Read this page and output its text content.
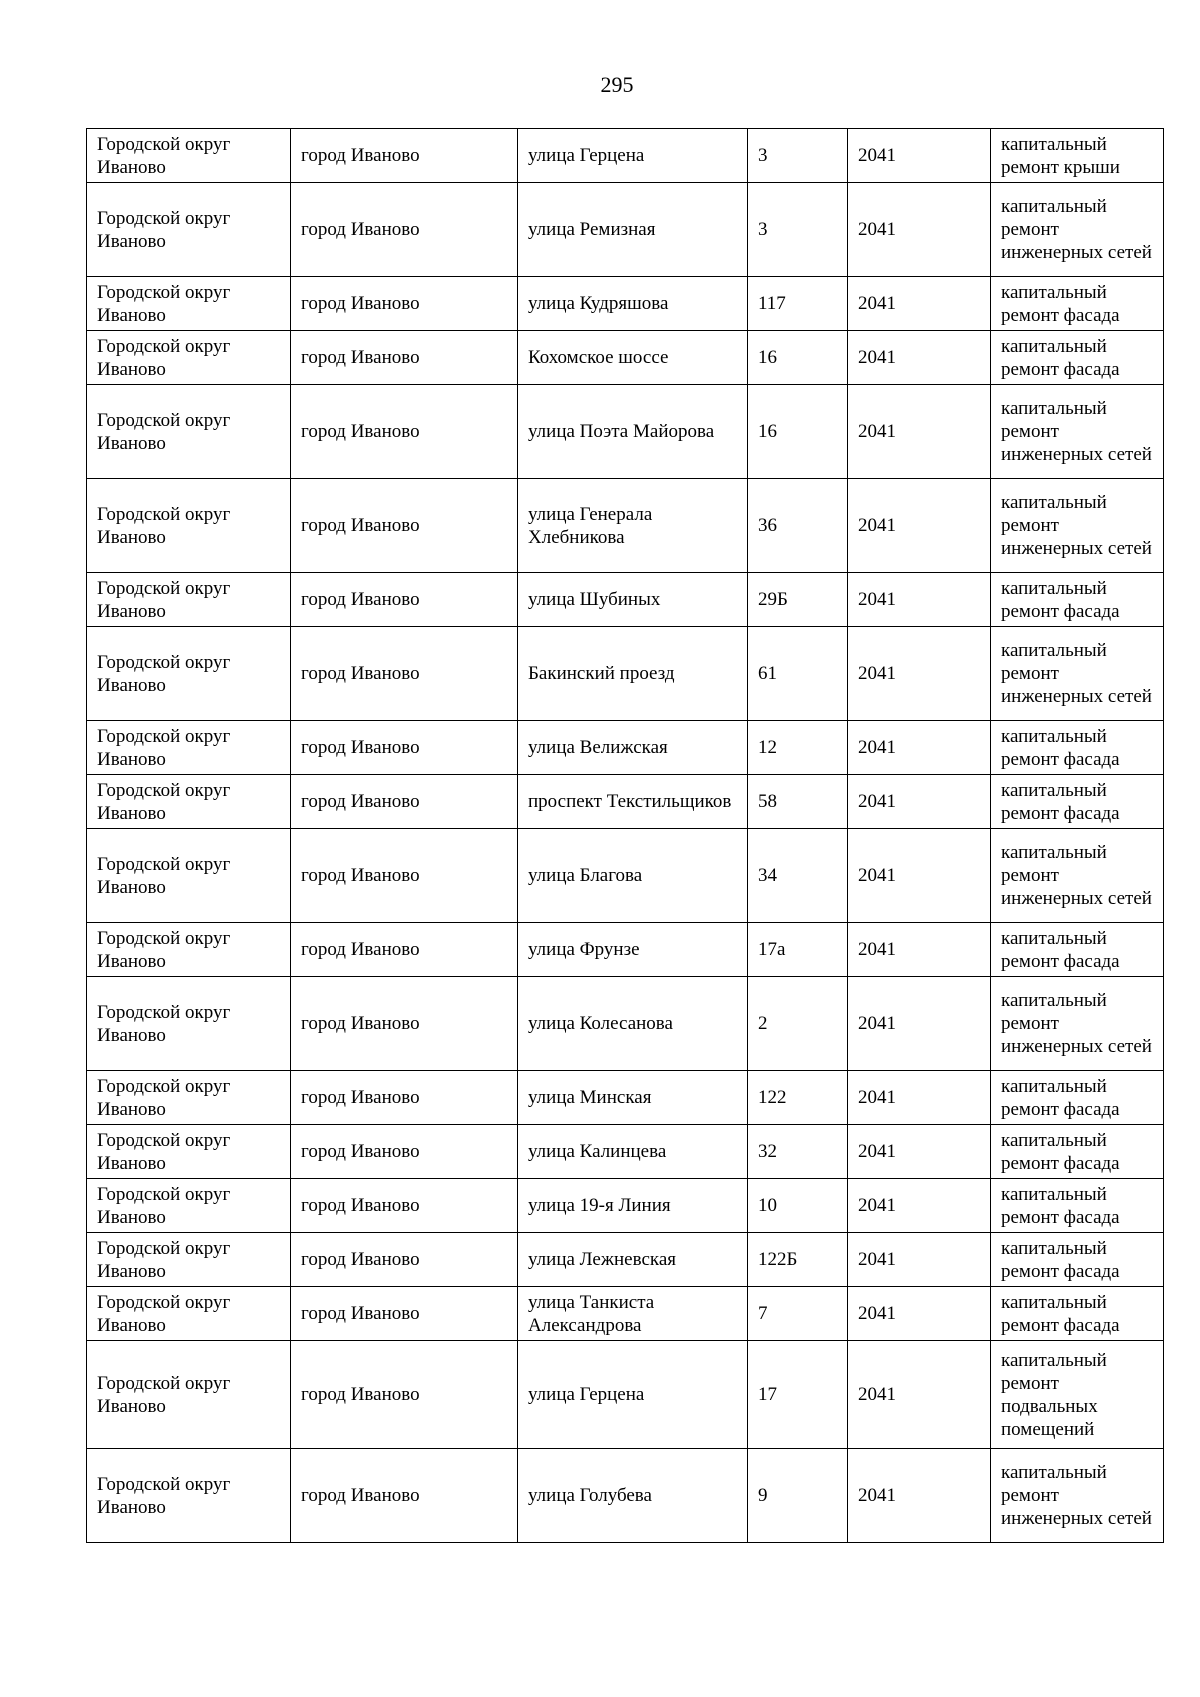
295
Городской округ Иваново	город Иваново	улица Герцена	3	2041	капитальный ремонт крыши
Городской округ Иваново	город Иваново	улица Ремизная	3	2041	капитальный ремонт инженерных сетей
Городской округ Иваново	город Иваново	улица Кудряшова	117	2041	капитальный ремонт фасада
Городской округ Иваново	город Иваново	Кохомское шоссе	16	2041	капитальный ремонт фасада
Городской округ Иваново	город Иваново	улица Поэта Майорова	16	2041	капитальный ремонт инженерных сетей
Городской округ Иваново	город Иваново	улица Генерала Хлебникова	36	2041	капитальный ремонт инженерных сетей
Городской округ Иваново	город Иваново	улица Шубиных	29Б	2041	капитальный ремонт фасада
Городской округ Иваново	город Иваново	Бакинский проезд	61	2041	капитальный ремонт инженерных сетей
Городской округ Иваново	город Иваново	улица Велижская	12	2041	капитальный ремонт фасада
Городской округ Иваново	город Иваново	проспект Текстильщиков	58	2041	капитальный ремонт фасада
Городской округ Иваново	город Иваново	улица Благова	34	2041	капитальный ремонт инженерных сетей
Городской округ Иваново	город Иваново	улица Фрунзе	17а	2041	капитальный ремонт фасада
Городской округ Иваново	город Иваново	улица Колесанова	2	2041	капитальный ремонт инженерных сетей
Городской округ Иваново	город Иваново	улица Минская	122	2041	капитальный ремонт фасада
Городской округ Иваново	город Иваново	улица Калинцева	32	2041	капитальный ремонт фасада
Городской округ Иваново	город Иваново	улица 19-я Линия	10	2041	капитальный ремонт фасада
Городской округ Иваново	город Иваново	улица Лежневская	122Б	2041	капитальный ремонт фасада
Городской округ Иваново	город Иваново	улица Танкиста Александрова	7	2041	капитальный ремонт фасада
Городской округ Иваново	город Иваново	улица Герцена	17	2041	капитальный ремонт подвальных помещений
Городской округ Иваново	город Иваново	улица Голубева	9	2041	капитальный ремонт инженерных сетей
